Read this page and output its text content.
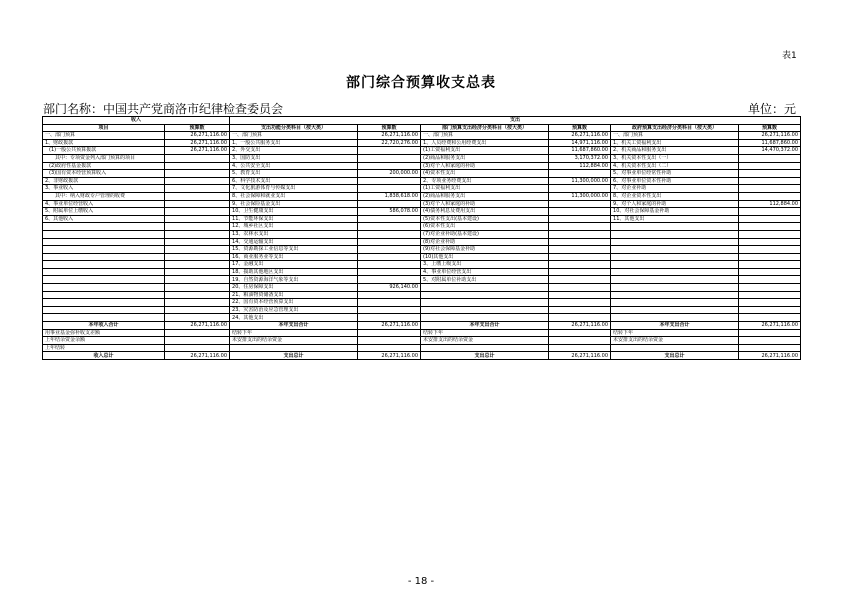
表1
部门综合预算收支总表
部门名称：中国共产党商洛市纪律检查委员会	单位：元
收入		支出					
项目	预算数	支出功能分类科目（按大类）	预算数	部门预算支出经济分类科目（按大类）	预算数	政府预算支出经济分类科目（按大类）	预算数
一、部门预算	26,271,116.00	一、部门预算	26,271,116.00	一、部门预算	26,271,116.00	一、部门预算	26,271,116.00
1、财政拨款	26,271,116.00	1、一般公共服务支出	22,720,276.00	1、人员经费和公用经费支出	14,971,116.00	1、机关工资福利支出	11,687,860.00
(1)一般公共预算拨款	26,271,116.00	2、外交支出		(1)工资福利支出	11,687,860.00	2、机关商品和服务支出	14,470,372.00
其中：专项资金列入部门预算的项目		3、国防支出		(2)商品和服务支出	3,170,372.00	3、机关资本性支出（一）	
(2)政府性基金拨款		4、公共安全支出		(3)对个人和家庭的补助	112,884.00	4、机关资本性支出（二）	
(3)国有资本经营预算收入		5、教育支出	200,000.00	(4)资本性支出		5、对事业单位经常性补助	
2、非财政拨款		6、科学技术支出		2、专项业务经费支出	11,300,000.00	6、对事业单位资本性补助	
3、事业收入		7、文化旅游体育与传媒支出		(1)工资福利支出		7、对企业补助	
其中：纳入财政专户管理的收费		8、社会保障和就业支出	1,838,618.00	(2)商品和服务支出	11,300,000.00	8、对企业资本性支出	
4、事业单位经营收入		9、社会保险基金支出		(3)对个人和家庭的补助		9、对个人和家庭的补助	112,884.00
5、附属单位上缴收入		10、卫生健康支出	586,078.00	(4)债务利息及费用支出		10、对社会保障基金补助	
6、其他收入		11、节能环保支出		(5)资本性支出(基本建设)		11、其他支出	
		12、城乡社区支出		(6)资本性支出			
		13、农林水支出		(7)对企业补助(基本建设)			
		14、交通运输支出		(8)对企业补助			
		15、资源勘探工业信息等支出		(9)对社会保障基金补助			
		16、商业服务业等支出		(10)其他支出			
		17、金融支出		3、上缴上级支出			
		18、援助其他地区支出		4、事业单位经营支出			
		19、自然资源海洋气象等支出		5、对附属单位补助支出			
		20、住房保障支出	926,140.00				
		21、粮油物资储备支出					
		22、国有资本经营预算支出					
		23、灾害防治及应急管理支出					
		24、其他支出					
本年收入合计	26,271,116.00	本年支出合计	26,271,116.00	本年支出合计	26,271,116.00	本年支出合计	26,271,116.00
用事业基金弥补收支差额		结转下年		结转下年		结转下年	
上年结余资金余额		未安排支出的结余资金		未安排支出的结余资金		未安排支出的结余资金	
上年结转							
收入总计	26,271,116.00	支出总计	26,271,116.00	支出总计	26,271,116.00	支出总计	26,271,116.00
- 18 -
